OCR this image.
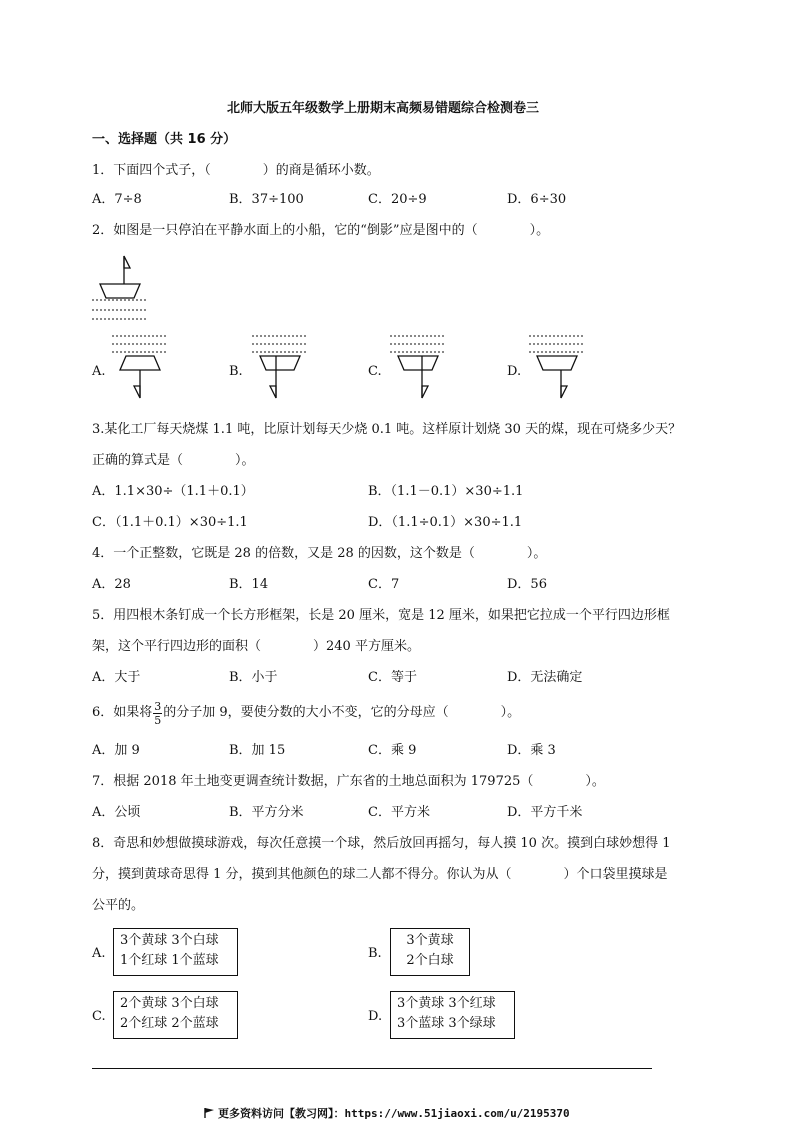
北师大版五年级数学上册期末高频易错题综合检测卷三
一、选择题（共 16 分）
1．下面四个式子，（　　　　）的商是循环小数。
A．7÷8	B．37÷100	C．20÷9	D．6÷30
2．如图是一只停泊在平静水面上的小船，它的“倒影”应是图中的（　　　　）。
A.	B.	C.	D.
3.某化工厂每天烧煤 1.1 吨，比原计划每天少烧 0.1 吨。这样原计划烧 30 天的煤，现在可烧多少天？
正确的算式是（　　　　）。
A．1.1×30÷（1.1＋0.1）	B．（1.1－0.1）×30÷1.1
C．（1.1＋0.1）×30÷1.1	D．（1.1÷0.1）×30÷1.1
4．一个正整数，它既是 28 的倍数，又是 28 的因数，这个数是（　　　　）。
A．28	B．14	C．7	D．56
5．用四根木条钉成一个长方形框架，长是 20 厘米，宽是 12 厘米，如果把它拉成一个平行四边形框
架，这个平行四边形的面积（　　　　）240 平方厘米。
A．大于	B．小于	C．等于	D．无法确定
6．如果将 $\frac{3}{5}$ 的分子加 9，要使分数的大小不变，它的分母应（　　　　）。
A．加 9	B．加 15	C．乘 9	D．乘 3
7．根据 2018 年土地变更调查统计数据，广东省的土地总面积为 179725（　　　　）。
A．公顷	B．平方分米	C．平方米	D．平方千米
8．奇思和妙想做摸球游戏，每次任意摸一个球，然后放回再摇匀，每人摸 10 次。摸到白球妙想得 1
分，摸到黄球奇思得 1 分，摸到其他颜色的球二人都不得分。你认为从（　　　　）个口袋里摸球是
公平的。
A.
3个黄球 3个白球
1个红球 1个蓝球	B.
3个黄球
2个白球
C.
2个黄球 3个白球
2个红球 2个蓝球	D.
3个黄球 3个红球
3个蓝球 3个绿球
更多资料访问【教习网】：https://www.51jiaoxi.com/u/2195370
